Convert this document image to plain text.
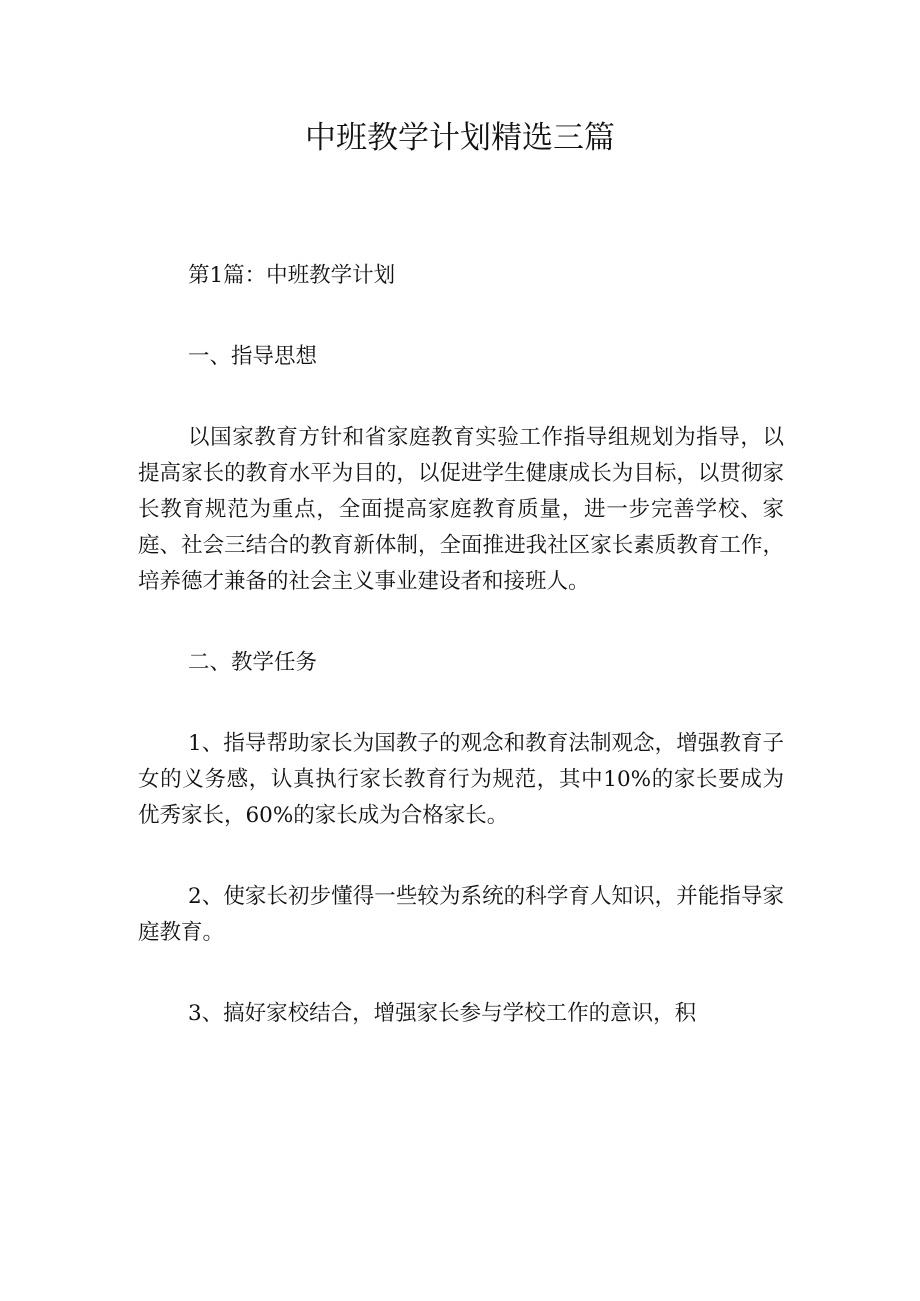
中班教学计划精选三篇

第1篇：中班教学计划

一、指导思想

以国家教育方针和省家庭教育实验工作指导组规划为指导，以提高家长的教育水平为目的，以促进学生健康成长为目标，以贯彻家长教育规范为重点，全面提高家庭教育质量，进一步完善学校、家庭、社会三结合的教育新体制，全面推进我社区家长素质教育工作，培养德才兼备的社会主义事业建设者和接班人。

二、教学任务

1、指导帮助家长为国教子的观念和教育法制观念，增强教育子女的义务感，认真执行家长教育行为规范，其中10%的家长要成为优秀家长，60%的家长成为合格家长。

2、使家长初步懂得一些较为系统的科学育人知识，并能指导家庭教育。

3、搞好家校结合，增强家长参与学校工作的意识，积
